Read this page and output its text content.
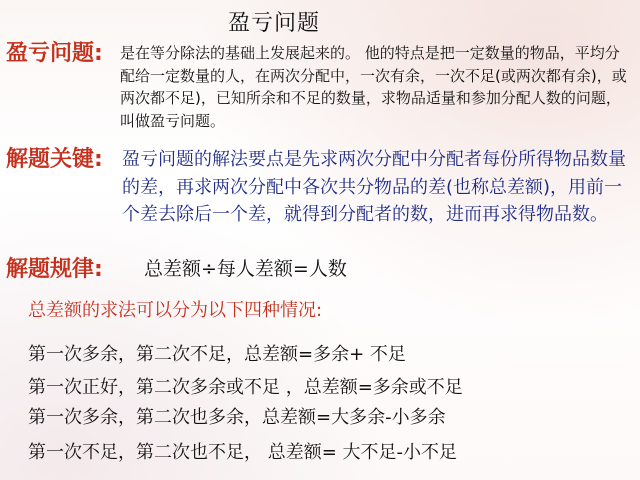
盈亏问题
盈亏问题: 是在等分除法的基础上发展起来的。 他的特点是把一定数量的物品，平均分配给一定数量的人，在两次分配中，一次有余，一次不足(或两次都有余)，或两次都不足)，已知所余和不足的数量，求物品适量和参加分配人数的问题，叫做盈亏问题。
解题关键: 盈亏问题的解法要点是先求两次分配中分配者每份所得物品数量的差，再求两次分配中各次共分物品的差(也称总差额)，用前一个差去除后一个差，就得到分配者的数，进而再求得物品数。
解题规律: 总差额÷每人差额=人数
总差额的求法可以分为以下四种情况:
第一次多余，第二次不足，总差额=多余+ 不足
第一次正好，第二次多余或不足 ，总差额=多余或不足
第一次多余，第二次也多余，总差额=大多余-小多余
第一次不足，第二次也不足， 总差额= 大不足-小不足
